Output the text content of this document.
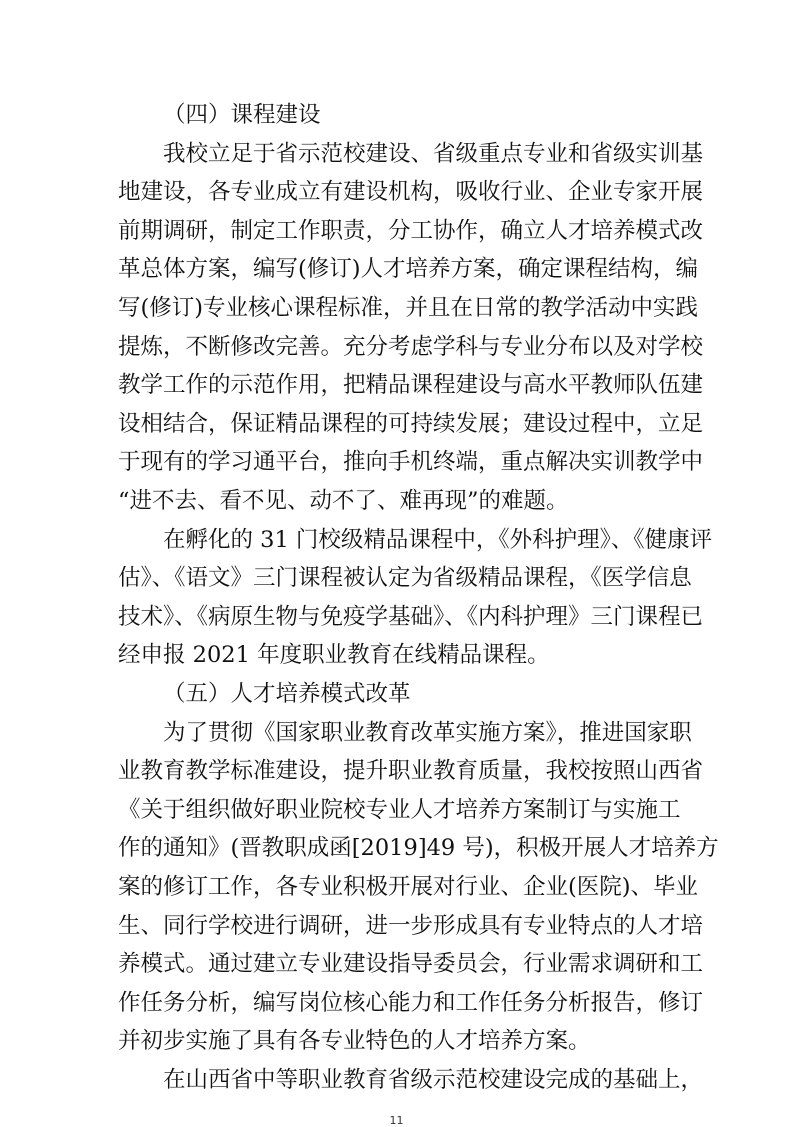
（四）课程建设
我校立足于省示范校建设、省级重点专业和省级实训基
地建设，各专业成立有建设机构，吸收行业、企业专家开展
前期调研，制定工作职责，分工协作，确立人才培养模式改
革总体方案，编写(修订)人才培养方案，确定课程结构，编
写(修订)专业核心课程标准，并且在日常的教学活动中实践
提炼，不断修改完善。充分考虑学科与专业分布以及对学校
教学工作的示范作用，把精品课程建设与高水平教师队伍建
设相结合，保证精品课程的可持续发展；建设过程中，立足
于现有的学习通平台，推向手机终端，重点解决实训教学中
“进不去、看不见、动不了、难再现”的难题。
在孵化的 31 门校级精品课程中，《外科护理》、《健康评
估》、《语文》三门课程被认定为省级精品课程，《医学信息
技术》、《病原生物与免疫学基础》、《内科护理》三门课程已
经申报 2021 年度职业教育在线精品课程。
（五）人才培养模式改革
为了贯彻《国家职业教育改革实施方案》，推进国家职
业教育教学标准建设，提升职业教育质量，我校按照山西省
《关于组织做好职业院校专业人才培养方案制订与实施工
作的通知》(晋教职成函[2019]49 号)，积极开展人才培养方
案的修订工作，各专业积极开展对行业、企业(医院)、毕业
生、同行学校进行调研，进一步形成具有专业特点的人才培
养模式。通过建立专业建设指导委员会，行业需求调研和工
作任务分析，编写岗位核心能力和工作任务分析报告，修订
并初步实施了具有各专业特色的人才培养方案。
在山西省中等职业教育省级示范校建设完成的基础上，
11
